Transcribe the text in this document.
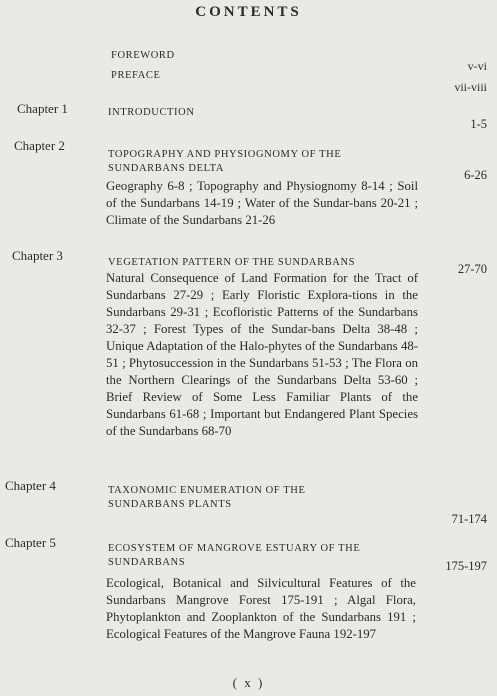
CONTENTS
FOREWORD
v-vi
PREFACE
vii-viii
Chapter 1	INTRODUCTION
1-5
Chapter 2
TOPOGRAPHY AND PHYSIOGNOMY OF THE SUNDARBANS DELTA	6-26
Geography 6-8 ; Topography and Physiognomy 8-14 ; Soil of the Sundarbans 14-19 ; Water of the Sundar-bans 20-21 ; Climate of the Sundarbans 21-26
Chapter 3	VEGETATION PATTERN OF THE SUNDARBANS	27-70
Natural Consequence of Land Formation for the Tract of Sundarbans 27-29 ; Early Floristic Explora-tions in the Sundarbans 29-31 ; Ecofloristic Patterns of the Sundarbans 32-37 ; Forest Types of the Sundar-bans Delta 38-48 ; Unique Adaptation of the Halo-phytes of the Sundarbans 48-51 ; Phytosuccession in the Sundarbans 51-53 ; The Flora on the Northern Clearings of the Sundarbans Delta 53-60 ; Brief Review of Some Less Familiar Plants of the Sundarbans 61-68 ; Important but Endangered Plant Species of the Sundarbans 68-70
Chapter 4	TAXONOMIC ENUMERATION OF THE SUNDARBANS PLANTS
71-174
Chapter 5	ECOSYSTEM OF MANGROVE ESTUARY OF THE SUNDARBANS	175-197
Ecological, Botanical and Silvicultural Features of the Sundarbans Mangrove Forest 175-191 ; Algal Flora, Phytoplankton and Zooplankton of the Sundarbans 191 ; Ecological Features of the Mangrove Fauna 192-197
( x )
